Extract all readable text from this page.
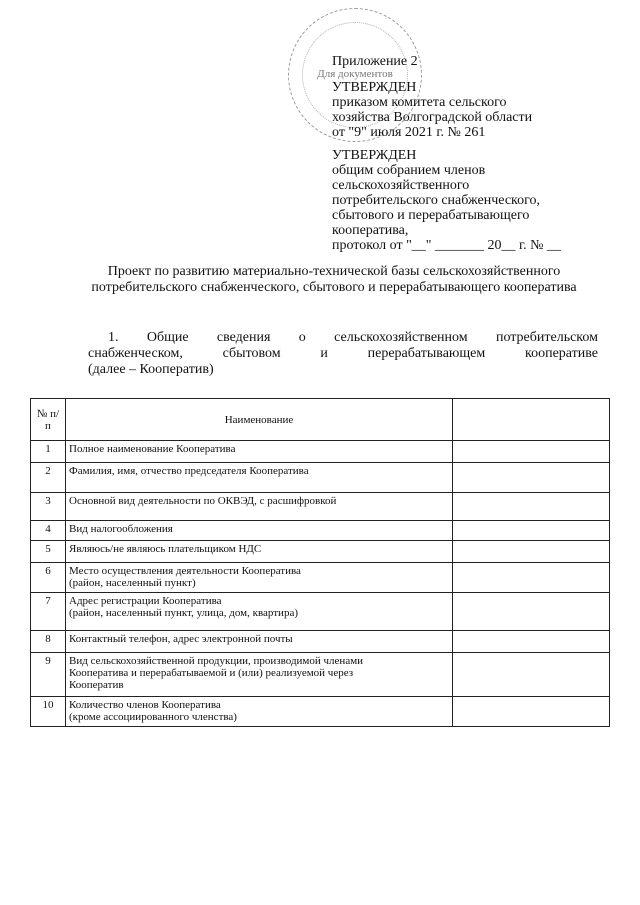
Для документов
Приложение 2
УТВЕРЖДЕН
приказом комитета сельского
хозяйства Волгоградской области
от "9" июля 2021 г. № 261
УТВЕРЖДЕН
общим собранием членов
сельскохозяйственного
потребительского снабженческого,
сбытового и перерабатывающего
кооператива,
протокол от "__" _______ 20__ г. № __
Проект по развитию материально-технической базы сельскохозяйственного потребительского снабженческого, сбытового и перерабатывающего кооператива
1. Общие сведения о сельскохозяйственном потребительском
снабженческом, сбытовом и перерабатывающем кооперативе
(далее – Кооператив)
№ п/п	Наименование	
1	Полное наименование Кооператива	
2	Фамилия, имя, отчество председателя Кооператива	
3	Основной вид деятельности по ОКВЭД, с расшифровкой	
4	Вид налогообложения	
5	Являюсь/не являюсь плательщиком НДС	
6	Место осуществления деятельности Кооператива
(район, населенный пункт)	
7	Адрес регистрации Кооператива
(район, населенный пункт, улица, дом, квартира)	
8	Контактный телефон, адрес электронной почты	
9	Вид сельскохозяйственной продукции, производимой членами
Кооператива и перерабатываемой и (или) реализуемой через
Кооператив	
10	Количество членов Кооператива
(кроме ассоциированного членства)	
